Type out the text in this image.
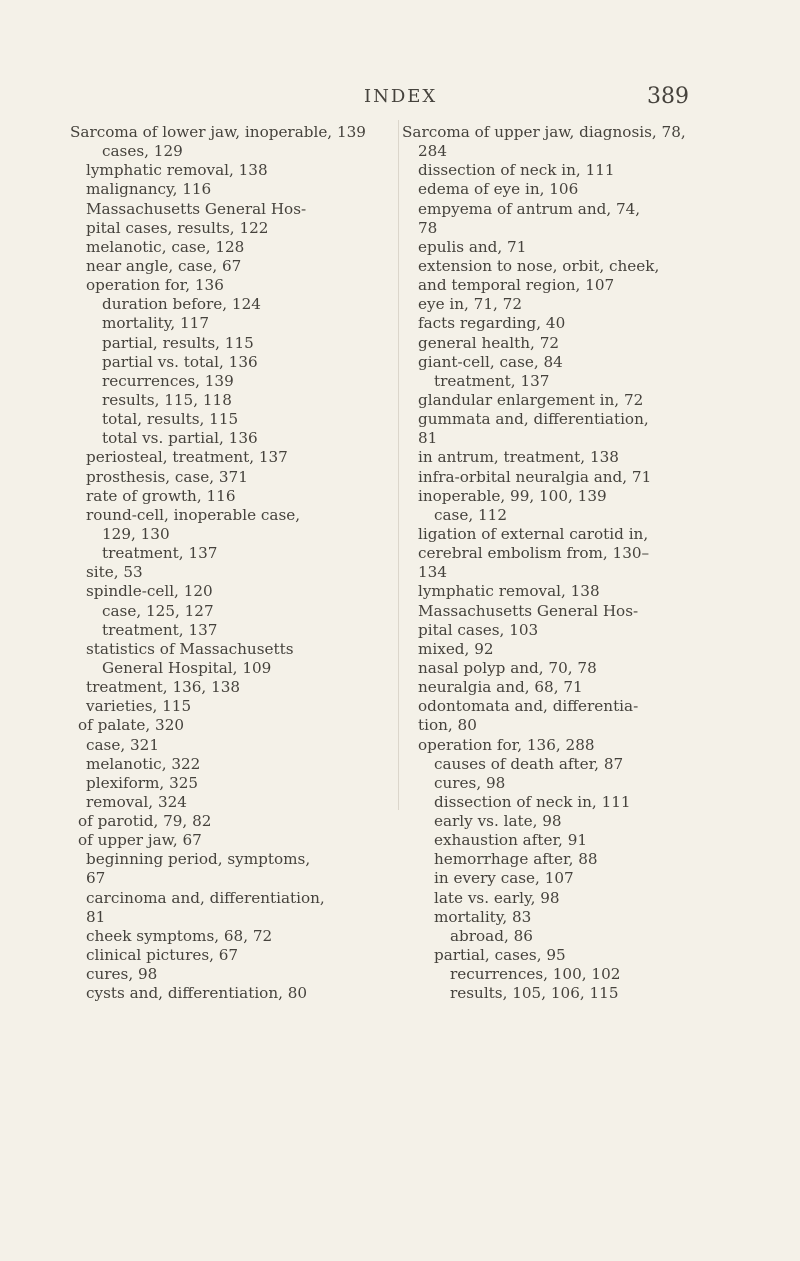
INDEX	389
Sarcoma of lower jaw, inoperable, 139
cases, 129
lymphatic removal, 138
malignancy, 116
Massachusetts General Hos-
pital cases, results, 122
melanotic, case, 128
near angle, case, 67
operation for, 136
duration before, 124
mortality, 117
partial, results, 115
partial vs. total, 136
recurrences, 139
results, 115, 118
total, results, 115
total vs. partial, 136
periosteal, treatment, 137
prosthesis, case, 371
rate of growth, 116
round-cell, inoperable case,
129, 130
treatment, 137
site, 53
spindle-cell, 120
case, 125, 127
treatment, 137
statistics of Massachusetts
General Hospital, 109
treatment, 136, 138
varieties, 115
of palate, 320
case, 321
melanotic, 322
plexiform, 325
removal, 324
of parotid, 79, 82
of upper jaw, 67
beginning period, symptoms,
67
carcinoma and, differentiation,
81
cheek symptoms, 68, 72
clinical pictures, 67
cures, 98
cysts and, differentiation, 80
Sarcoma of upper jaw, diagnosis, 78,
284
dissection of neck in, 111
edema of eye in, 106
empyema of antrum and, 74,
78
epulis and, 71
extension to nose, orbit, cheek,
and temporal region, 107
eye in, 71, 72
facts regarding, 40
general health, 72
giant-cell, case, 84
treatment, 137
glandular enlargement in, 72
gummata and, differentiation,
81
in antrum, treatment, 138
infra-orbital neuralgia and, 71
inoperable, 99, 100, 139
case, 112
ligation of external carotid in,
cerebral embolism from, 130–
134
lymphatic removal, 138
Massachusetts General Hos-
pital cases, 103
mixed, 92
nasal polyp and, 70, 78
neuralgia and, 68, 71
odontomata and, differentia-
tion, 80
operation for, 136, 288
causes of death after, 87
cures, 98
dissection of neck in, 111
early vs. late, 98
exhaustion after, 91
hemorrhage after, 88
in every case, 107
late vs. early, 98
mortality, 83
abroad, 86
partial, cases, 95
recurrences, 100, 102
results, 105, 106, 115
